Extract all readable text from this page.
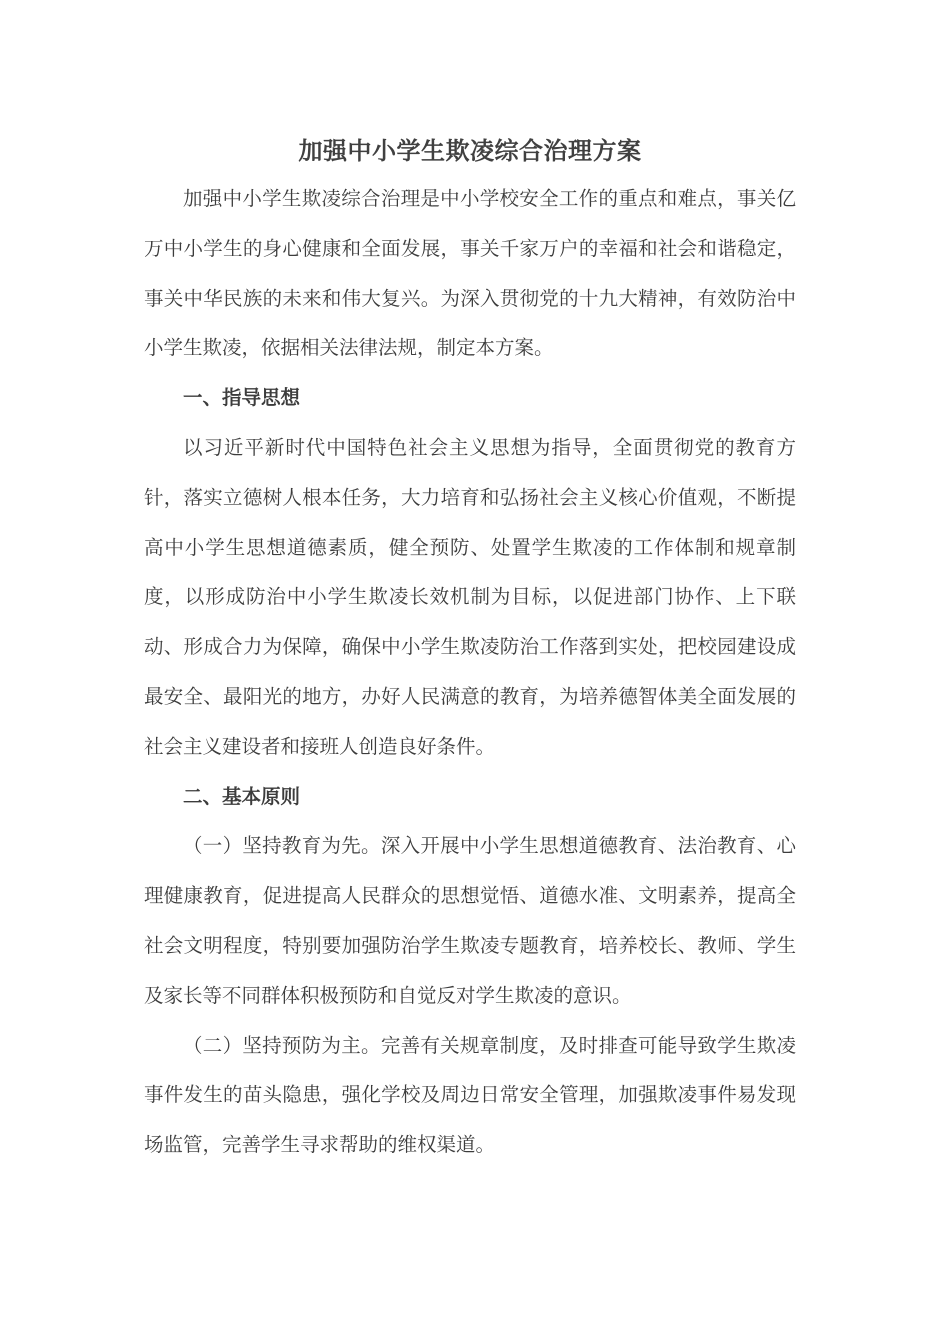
加强中小学生欺凌综合治理方案

加强中小学生欺凌综合治理是中小学校安全工作的重点和难点，事关亿万中小学生的身心健康和全面发展，事关千家万户的幸福和社会和谐稳定，事关中华民族的未来和伟大复兴。为深入贯彻党的十九大精神，有效防治中小学生欺凌，依据相关法律法规，制定本方案。

一、指导思想

以习近平新时代中国特色社会主义思想为指导，全面贯彻党的教育方针，落实立德树人根本任务，大力培育和弘扬社会主义核心价值观，不断提高中小学生思想道德素质，健全预防、处置学生欺凌的工作体制和规章制度，以形成防治中小学生欺凌长效机制为目标，以促进部门协作、上下联动、形成合力为保障，确保中小学生欺凌防治工作落到实处，把校园建设成最安全、最阳光的地方，办好人民满意的教育，为培养德智体美全面发展的社会主义建设者和接班人创造良好条件。

二、基本原则

（一）坚持教育为先。深入开展中小学生思想道德教育、法治教育、心理健康教育，促进提高人民群众的思想觉悟、道德水准、文明素养，提高全社会文明程度，特别要加强防治学生欺凌专题教育，培养校长、教师、学生及家长等不同群体积极预防和自觉反对学生欺凌的意识。

（二）坚持预防为主。完善有关规章制度，及时排查可能导致学生欺凌事件发生的苗头隐患，强化学校及周边日常安全管理，加强欺凌事件易发现场监管，完善学生寻求帮助的维权渠道。
